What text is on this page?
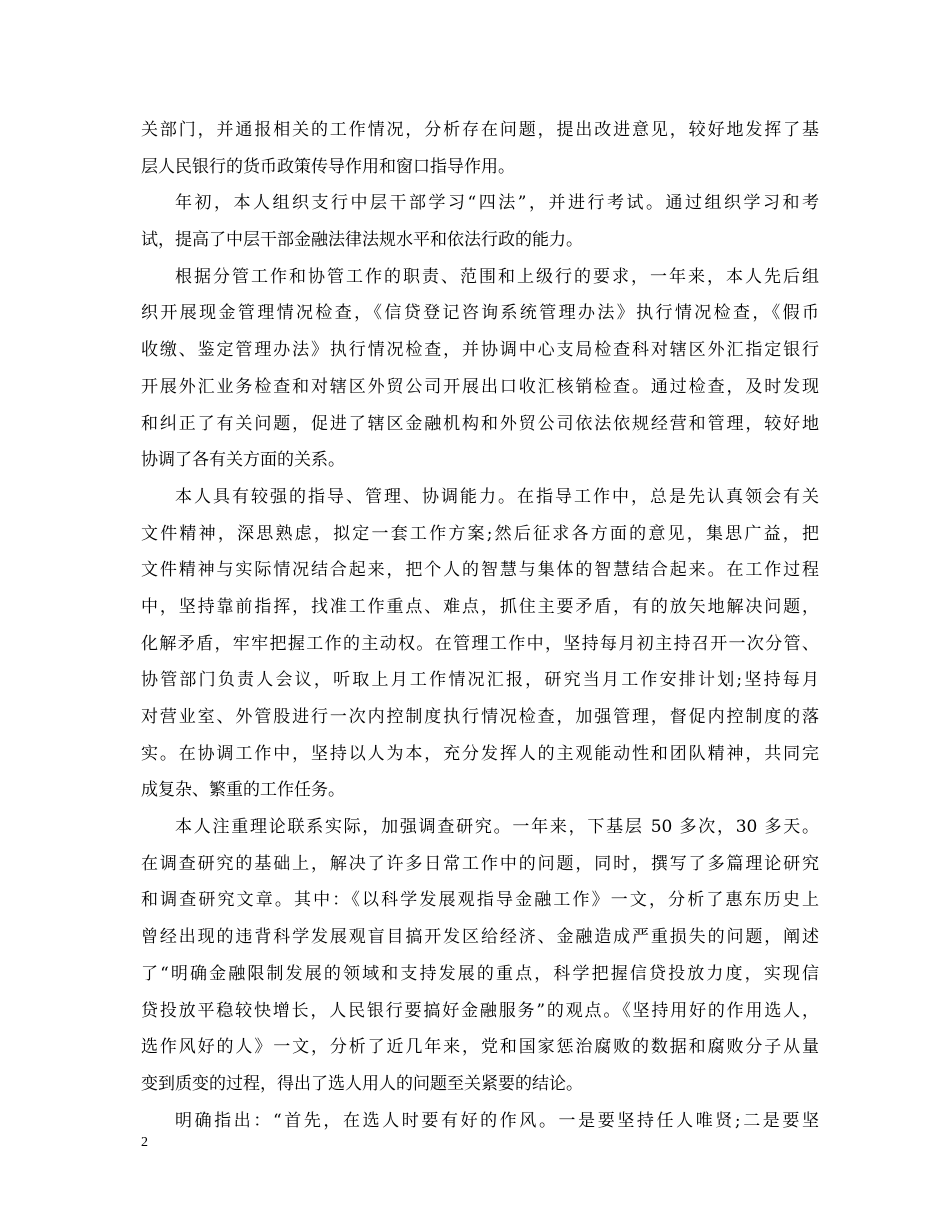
关部门，并通报相关的工作情况，分析存在问题，提出改进意见，较好地发挥了基
层人民银行的货币政策传导作用和窗口指导作用。
年初，本人组织支行中层干部学习“四法”，并进行考试。通过组织学习和考
试，提高了中层干部金融法律法规水平和依法行政的能力。
根据分管工作和协管工作的职责、范围和上级行的要求，一年来，本人先后组
织开展现金管理情况检查，《信贷登记咨询系统管理办法》执行情况检查，《假币
收缴、鉴定管理办法》执行情况检查，并协调中心支局检查科对辖区外汇指定银行
开展外汇业务检查和对辖区外贸公司开展出口收汇核销检查。通过检查，及时发现
和纠正了有关问题，促进了辖区金融机构和外贸公司依法依规经营和管理，较好地
协调了各有关方面的关系。
本人具有较强的指导、管理、协调能力。在指导工作中，总是先认真领会有关
文件精神，深思熟虑，拟定一套工作方案;然后征求各方面的意见，集思广益，把
文件精神与实际情况结合起来，把个人的智慧与集体的智慧结合起来。在工作过程
中，坚持靠前指挥，找准工作重点、难点，抓住主要矛盾，有的放矢地解决问题，
化解矛盾，牢牢把握工作的主动权。在管理工作中，坚持每月初主持召开一次分管、
协管部门负责人会议，听取上月工作情况汇报，研究当月工作安排计划;坚持每月
对营业室、外管股进行一次内控制度执行情况检查，加强管理，督促内控制度的落
实。在协调工作中，坚持以人为本，充分发挥人的主观能动性和团队精神，共同完
成复杂、繁重的工作任务。
本人注重理论联系实际，加强调查研究。一年来，下基层 50 多次，30 多天。
在调查研究的基础上，解决了许多日常工作中的问题，同时，撰写了多篇理论研究
和调查研究文章。其中：《以科学发展观指导金融工作》一文，分析了惠东历史上
曾经出现的违背科学发展观盲目搞开发区给经济、金融造成严重损失的问题，阐述
了“明确金融限制发展的领域和支持发展的重点，科学把握信贷投放力度，实现信
贷投放平稳较快增长，人民银行要搞好金融服务”的观点。《坚持用好的作用选人，
选作风好的人》一文，分析了近几年来，党和国家惩治腐败的数据和腐败分子从量
变到质变的过程，得出了选人用人的问题至关紧要的结论。
明确指出：“首先，在选人时要有好的作风。一是要坚持任人唯贤;二是要坚
2
